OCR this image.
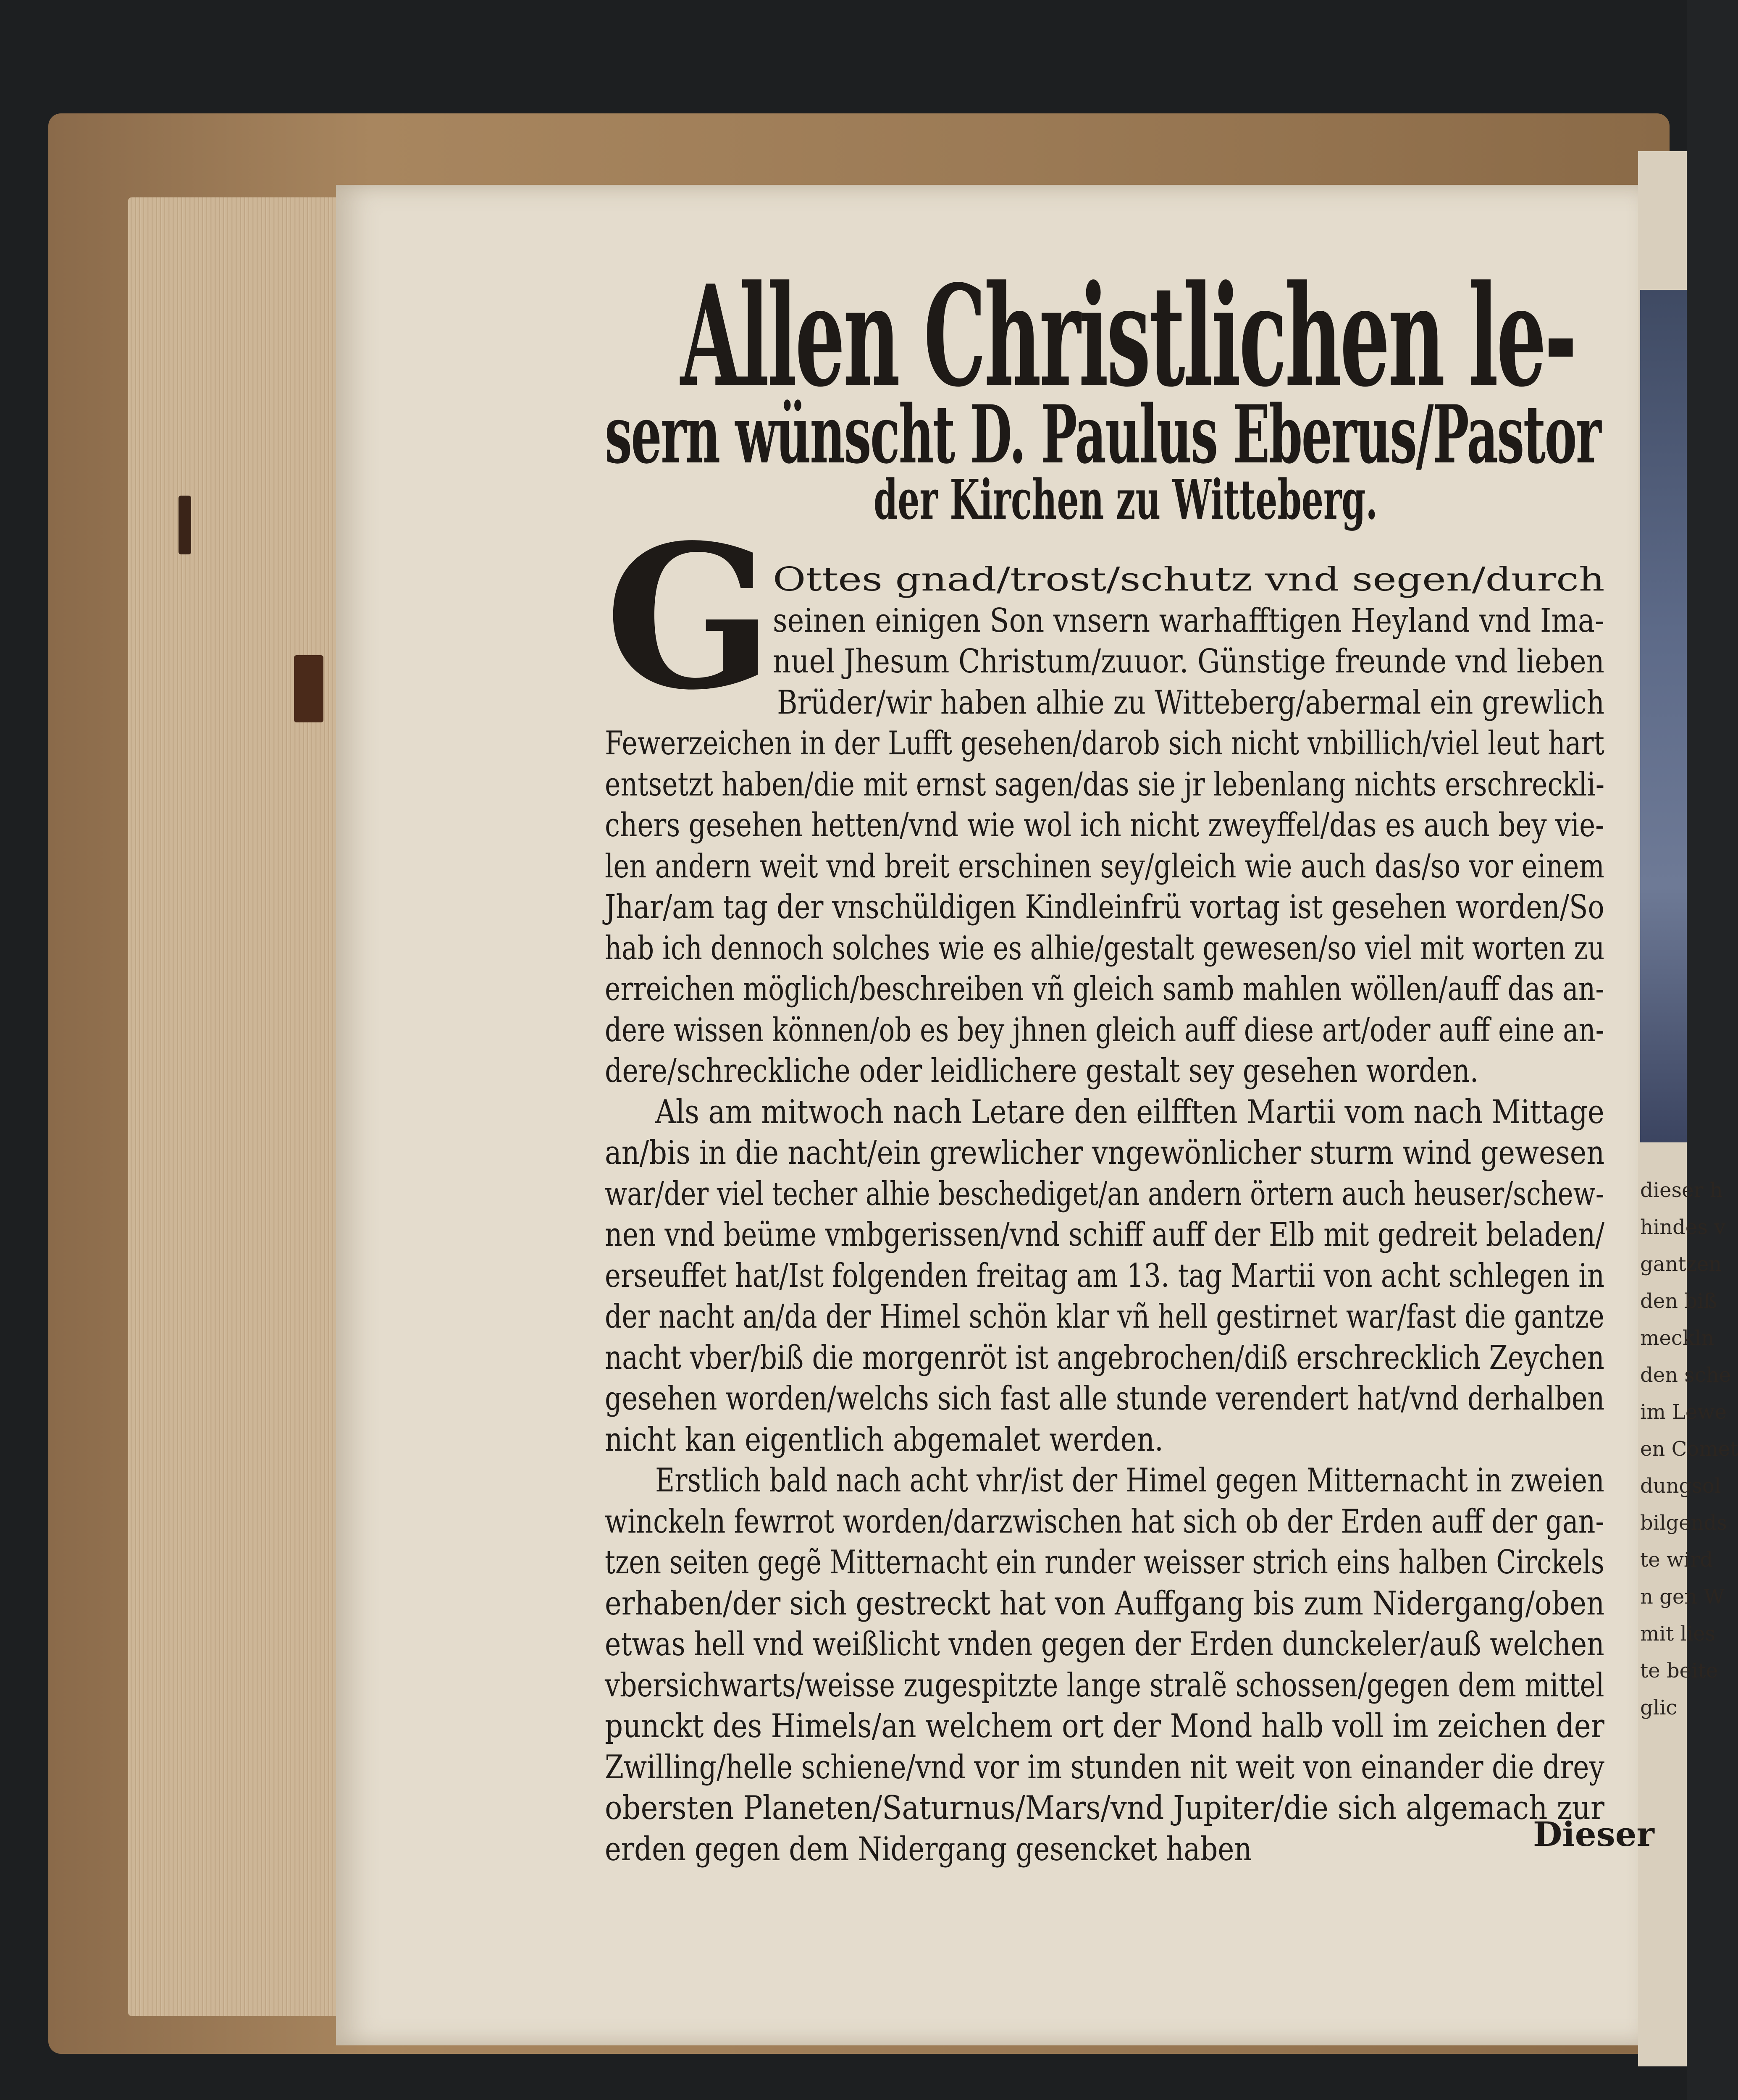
dieser h
hindes v
gantzen
den biß
meckln
den sche
im Lewe
en Comet
dungsol
bilgends
te wird
n gen W
mit lies
te beite
glic
Allen Christlichen le-
sern wünscht D. Paulus Eberus/Pastor
der Kirchen zu Witteberg.
G
Ottes gnad/trost/schutz vnd segen/durch
seinen einigen Son vnsern warhafftigen Heyland vnd Ima-
nuel Jhesum Christum/zuuor. Günstige freunde vnd lieben
Brüder/wir haben alhie zu Witteberg/abermal ein grewlich
Fewerzeichen in der Lufft gesehen/darob sich nicht vnbillich/viel leut hart
entsetzt haben/die mit ernst sagen/das sie jr lebenlang nichts erschreckli-
chers gesehen hetten/vnd wie wol ich nicht zweyffel/das es auch bey vie-
len andern weit vnd breit erschinen sey/gleich wie auch das/so vor einem
Jhar/am tag der vnschüldigen Kindleinfrü vortag ist gesehen worden/So
hab ich dennoch solches wie es alhie/gestalt gewesen/so viel mit worten zu
erreichen möglich/beschreiben vñ gleich samb mahlen wöllen/auff das an-
dere wissen können/ob es bey jhnen gleich auff diese art/oder auff eine an-
dere/schreckliche oder leidlichere gestalt sey gesehen worden.
Als am mitwoch nach Letare den eilfften Martii vom nach Mittage
an/bis in die nacht/ein grewlicher vngewönlicher sturm wind gewesen
war/der viel techer alhie beschediget/an andern örtern auch heuser/schew-
nen vnd beüme vmbgerissen/vnd schiff auff der Elb mit gedreit beladen/
erseuffet hat/Ist folgenden freitag am 13. tag Martii von acht schlegen in
der nacht an/da der Himel schön klar vñ hell gestirnet war/fast die gantze
nacht vber/biß die morgenröt ist angebrochen/diß erschrecklich Zeychen
gesehen worden/welchs sich fast alle stunde verendert hat/vnd derhalben
nicht kan eigentlich abgemalet werden.
Erstlich bald nach acht vhr/ist der Himel gegen Mitternacht in zweien
winckeln fewrrot worden/darzwischen hat sich ob der Erden auff der gan-
tzen seiten gegẽ Mitternacht ein runder weisser strich eins halben Circkels
erhaben/der sich gestreckt hat von Auffgang bis zum Nidergang/oben
etwas hell vnd weißlicht vnden gegen der Erden dunckeler/auß welchen
vbersichwarts/weisse zugespitzte lange stralẽ schossen/gegen dem mittel
punckt des Himels/an welchem ort der Mond halb voll im zeichen der
Zwilling/helle schiene/vnd vor im stunden nit weit von einander die drey
obersten Planeten/Saturnus/Mars/vnd Jupiter/die sich algemach zur
erden gegen dem Nidergang gesencket haben	Dieser
